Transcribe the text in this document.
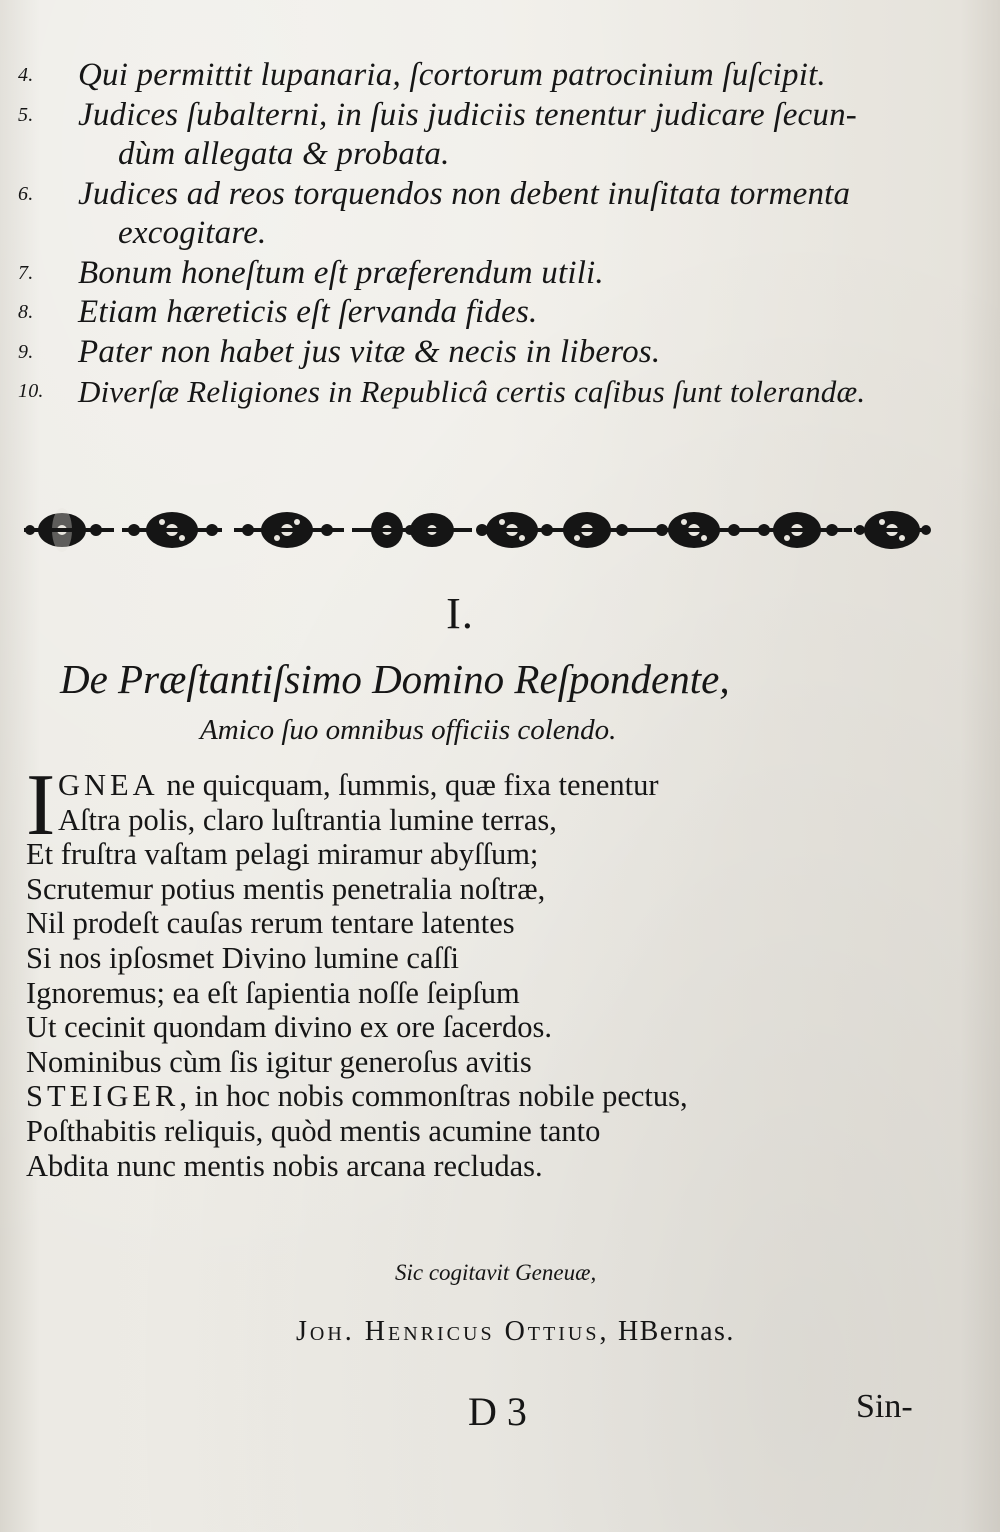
4.	Qui permittit lupanaria, ſcortorum patrocinium ſuſcipit.
5.	Judices ſubalterni, in ſuis judiciis tenentur judicare ſecun-
dùm allegata & probata.
6.	Judices ad reos torquendos non debent inuſitata tormenta
excogitare.
7.	Bonum honeſtum eſt præferendum utili.
8.	Etiam hæreticis eſt ſervanda fides.
9.	Pater non habet jus vitæ & necis in liberos.
10.	Diverſæ Religiones in Republicâ certis caſibus ſunt tolerandæ.
I.
De Præſtantiſsimo Domino Reſpondente,
Amico ſuo omnibus officiis colendo.
I GNEA ne quicquam, ſummis, quæ fixa tenentur
Aſtra polis, claro luſtrantia lumine terras,
Et fruſtra vaſtam pelagi miramur abyſſum;
Scrutemur potius mentis penetralia noſtræ,
Nil prodeſt cauſas rerum tentare latentes
Si nos ipſosmet Divino lumine caſſi
Ignoremus; ea eſt ſapientia noſſe ſeipſum
Ut cecinit quondam divino ex ore ſacerdos.
Nominibus cùm ſis igitur generoſus avitis
STEIGER, in hoc nobis commonſtras nobile pectus,
Poſthabitis reliquis, quòd mentis acumine tanto
Abdita nunc mentis nobis arcana recludas.
Sic cogitavit Geneuæ,
Joh. Henricus Ottius, HBernas.
D 3	Sin-
